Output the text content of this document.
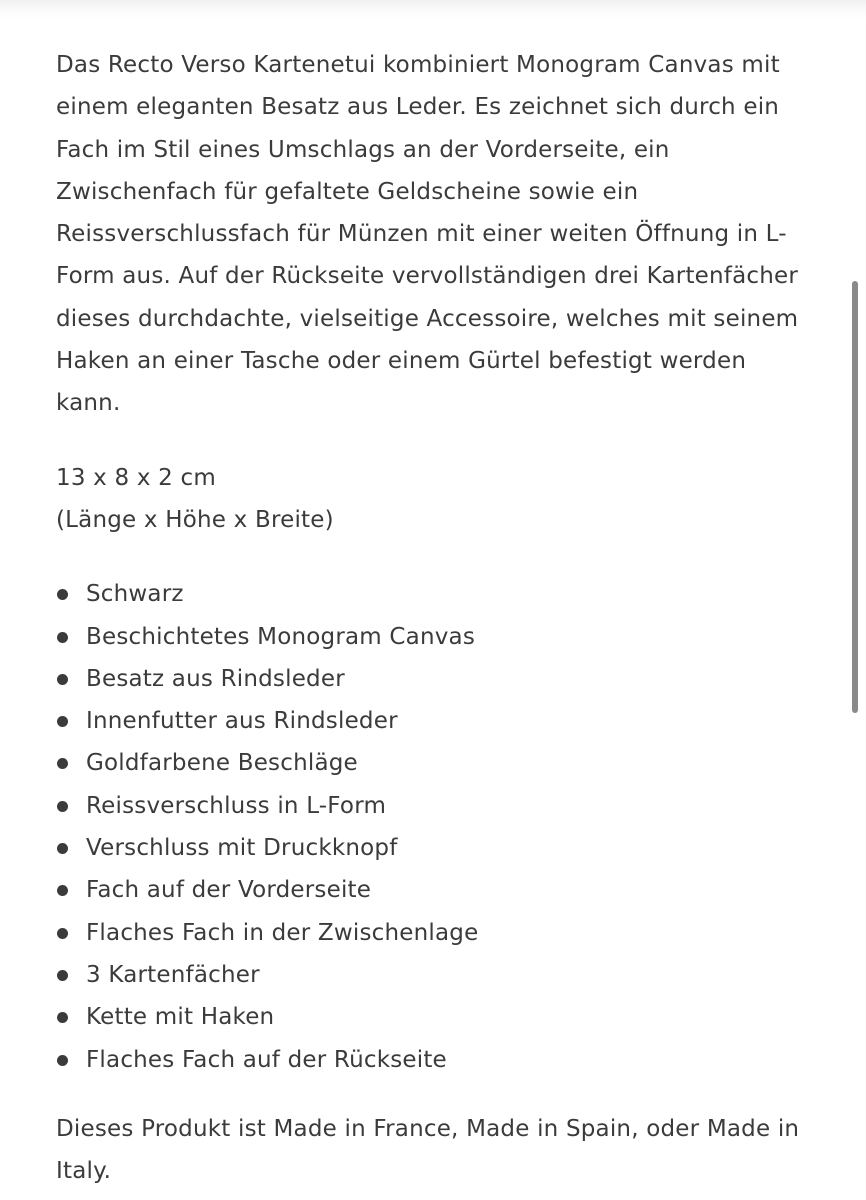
Das Recto Verso Kartenetui kombiniert Monogram Canvas mit einem eleganten Besatz aus Leder. Es zeichnet sich durch ein Fach im Stil eines Umschlags an der Vorderseite, ein Zwischenfach für gefaltete Geldscheine sowie ein Reissverschlussfach für Münzen mit einer weiten Öffnung in L-Form aus. Auf der Rückseite vervollständigen drei Kartenfächer dieses durchdachte, vielseitige Accessoire, welches mit seinem Haken an einer Tasche oder einem Gürtel befestigt werden kann.

13 x 8 x 2 cm
(Länge x Höhe x Breite)

Schwarz
Beschichtetes Monogram Canvas
Besatz aus Rindsleder
Innenfutter aus Rindsleder
Goldfarbene Beschläge
Reissverschluss in L-Form
Verschluss mit Druckknopf
Fach auf der Vorderseite
Flaches Fach in der Zwischenlage
3 Kartenfächer
Kette mit Haken
Flaches Fach auf der Rückseite

Dieses Produkt ist Made in France, Made in Spain, oder Made in Italy.
